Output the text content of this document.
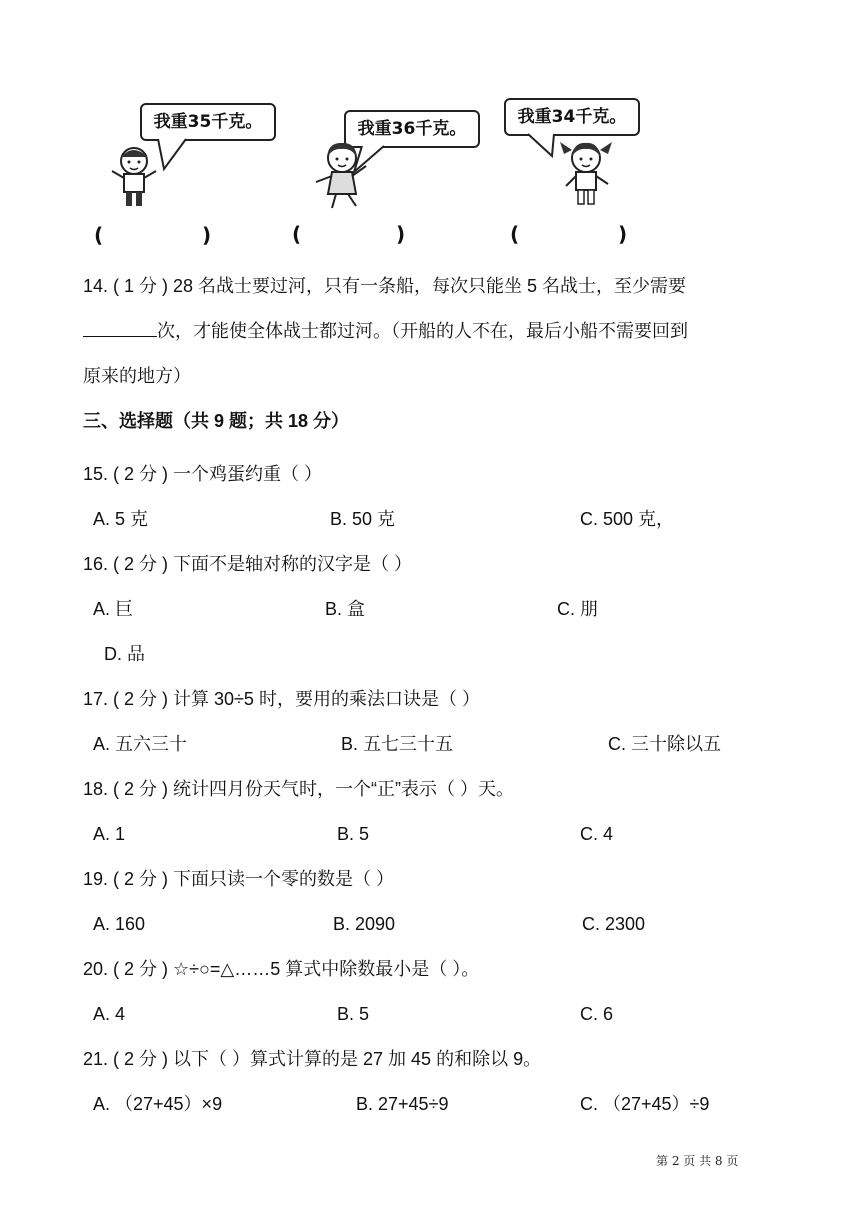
我重35千克。
(	)
我重36千克。
(	)
我重34千克。
(	)
14. ( 1 分 ) 28 名战士要过河，只有一条船，每次只能坐 5 名战士，至少需要
次，才能使全体战士都过河。（开船的人不在，最后小船不需要回到
原来的地方）
三、选择题（共 9 题；共 18 分）
15. ( 2 分 ) 一个鸡蛋约重（ ）
A. 5 克	B. 50 克	C. 500 克，
16. ( 2 分 ) 下面不是轴对称的汉字是（ ）
A. 巨	B. 盒	C. 朋
D. 品
17. ( 2 分 ) 计算 30÷5 时，要用的乘法口诀是（ ）
A. 五六三十	B. 五七三十五	C. 三十除以五
18. ( 2 分 ) 统计四月份天气时，一个“正”表示（ ）天。
A. 1	B. 5	C. 4
19. ( 2 分 ) 下面只读一个零的数是（ ）
A. 160	B. 2090	C. 2300
20. ( 2 分 ) ☆÷○=△……5 算式中除数最小是（ ）。
A. 4	B. 5	C. 6
21. ( 2 分 ) 以下（ ）算式计算的是 27 加 45 的和除以 9。
A. （27+45）×9	B. 27+45÷9	C. （27+45）÷9
第 2 页 共 8 页
